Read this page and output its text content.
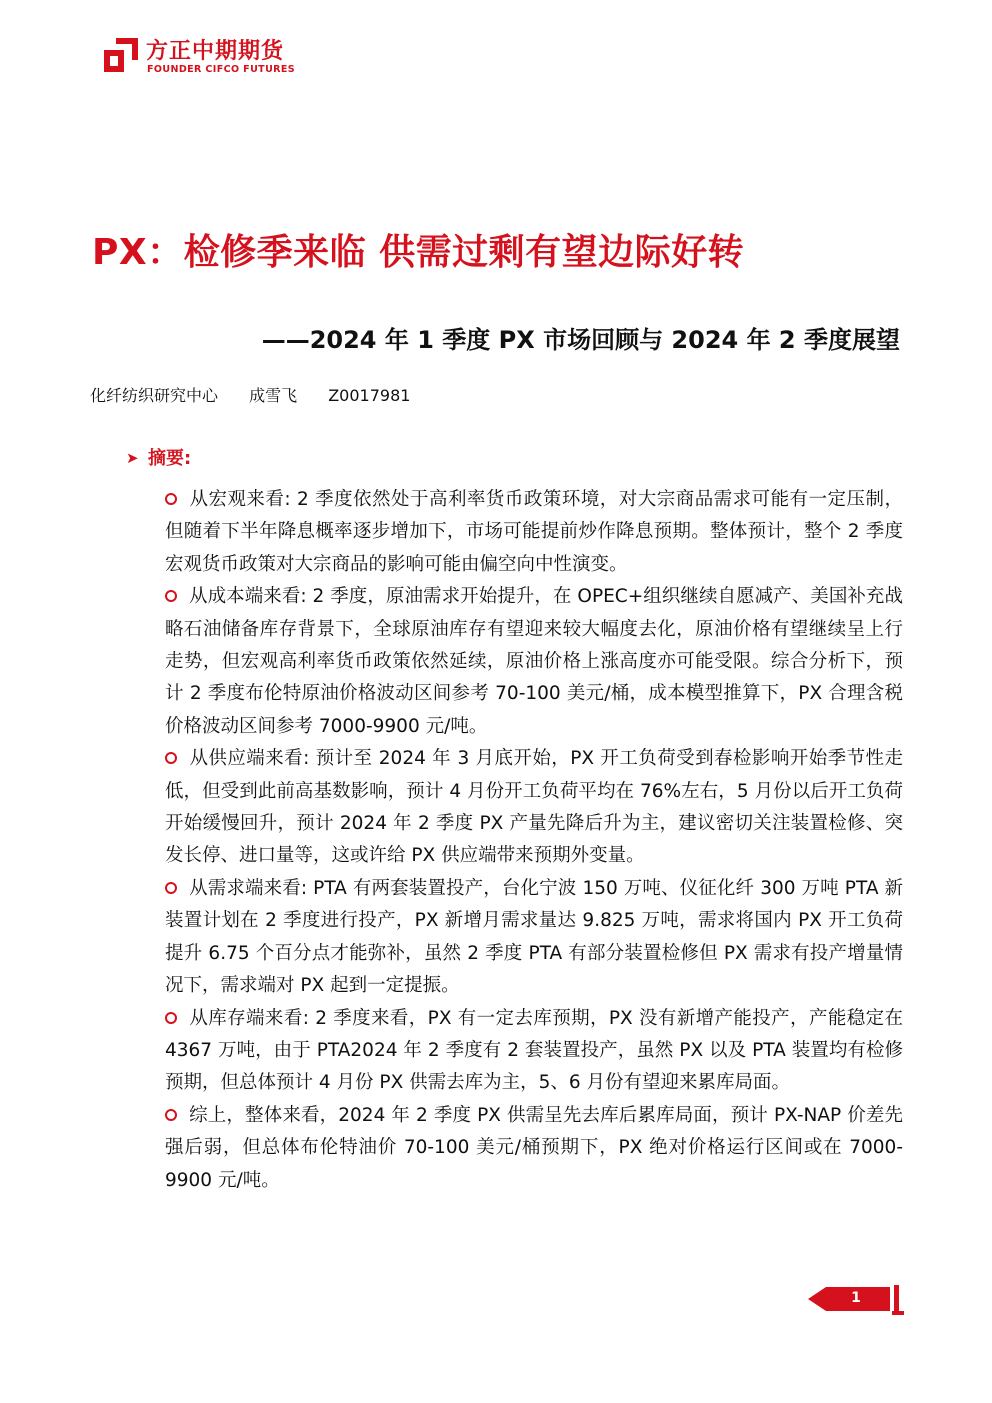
方正中期期货
FOUNDER CIFCO FUTURES
PX：检修季来临 供需过剩有望边际好转
——2024 年 1 季度 PX 市场回顾与 2024 年 2 季度展望
化纤纺织研究中心 成雪飞 Z0017981
➤ 摘要:

从宏观来看: 2 季度依然处于高利率货币政策环境，对大宗商品需求可能有一定压制，但随着下半年降息概率逐步增加下，市场可能提前炒作降息预期。整体预计，整个 2 季度宏观货币政策对大宗商品的影响可能由偏空向中性演变。

从成本端来看: 2 季度，原油需求开始提升，在 OPEC+组织继续自愿减产、美国补充战略石油储备库存背景下，全球原油库存有望迎来较大幅度去化，原油价格有望继续呈上行走势，但宏观高利率货币政策依然延续，原油价格上涨高度亦可能受限。综合分析下，预计 2 季度布伦特原油价格波动区间参考 70-100 美元/桶，成本模型推算下，PX 合理含税价格波动区间参考 7000-9900 元/吨。

从供应端来看: 预计至 2024 年 3 月底开始，PX 开工负荷受到春检影响开始季节性走低，但受到此前高基数影响，预计 4 月份开工负荷平均在 76%左右，5 月份以后开工负荷开始缓慢回升，预计 2024 年 2 季度 PX 产量先降后升为主，建议密切关注装置检修、突发长停、进口量等，这或许给 PX 供应端带来预期外变量。

从需求端来看: PTA 有两套装置投产，台化宁波 150 万吨、仪征化纤 300 万吨 PTA 新装置计划在 2 季度进行投产，PX 新增月需求量达 9.825 万吨，需求将国内 PX 开工负荷提升 6.75 个百分点才能弥补，虽然 2 季度 PTA 有部分装置检修但 PX 需求有投产增量情况下，需求端对 PX 起到一定提振。

从库存端来看: 2 季度来看，PX 有一定去库预期，PX 没有新增产能投产，产能稳定在 4367 万吨，由于 PTA2024 年 2 季度有 2 套装置投产，虽然 PX 以及 PTA 装置均有检修预期，但总体预计 4 月份 PX 供需去库为主，5、6 月份有望迎来累库局面。

综上，整体来看，2024 年 2 季度 PX 供需呈先去库后累库局面，预计 PX-NAP 价差先强后弱，但总体布伦特油价 70-100 美元/桶预期下，PX 绝对价格运行区间或在 7000-9900 元/吨。

1
